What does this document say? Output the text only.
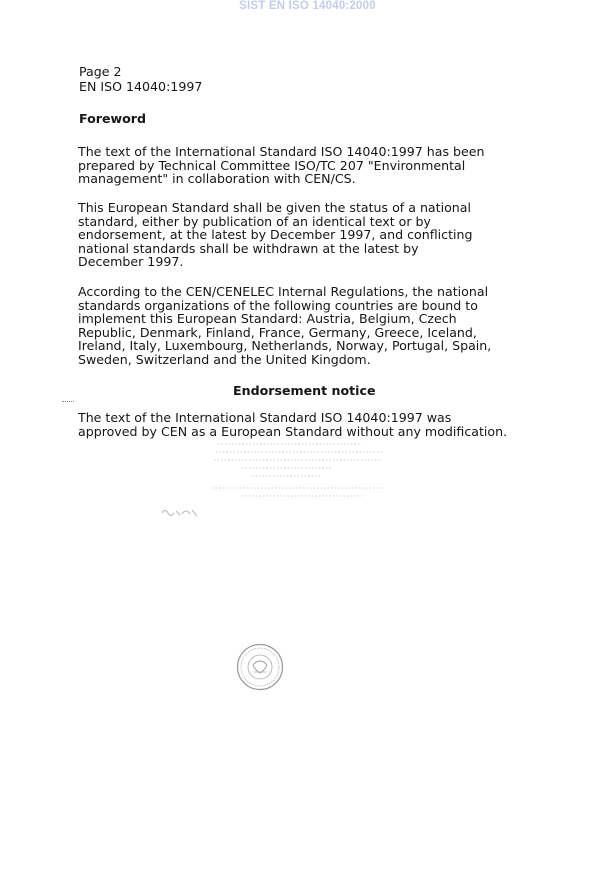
SIST EN ISO 14040:2000

Page 2

EN ISO 14040:1997

Foreword

The text of the International Standard ISO 14040:1997 has been
prepared by Technical Committee ISO/TC 207 "Environmental
management" in collaboration with CEN/CS.

This European Standard shall be given the status of a national
standard, either by publication of an identical text or by
endorsement, at the latest by December 1997, and conflicting
national standards shall be withdrawn at the latest by
December 1997.

According to the CEN/CENELEC Internal Regulations, the national
standards organizations of the following countries are bound to
implement this European Standard: Austria, Belgium, Czech
Republic, Denmark, Finland, France, Germany, Greece, Iceland,
Ireland, Italy, Luxembourg, Netherlands, Norway, Portugal, Spain,
Sweden, Switzerland and the United Kingdom.

Endorsement notice

The text of the International Standard ISO 14040:1997 was
approved by CEN as a European Standard without any modification.
